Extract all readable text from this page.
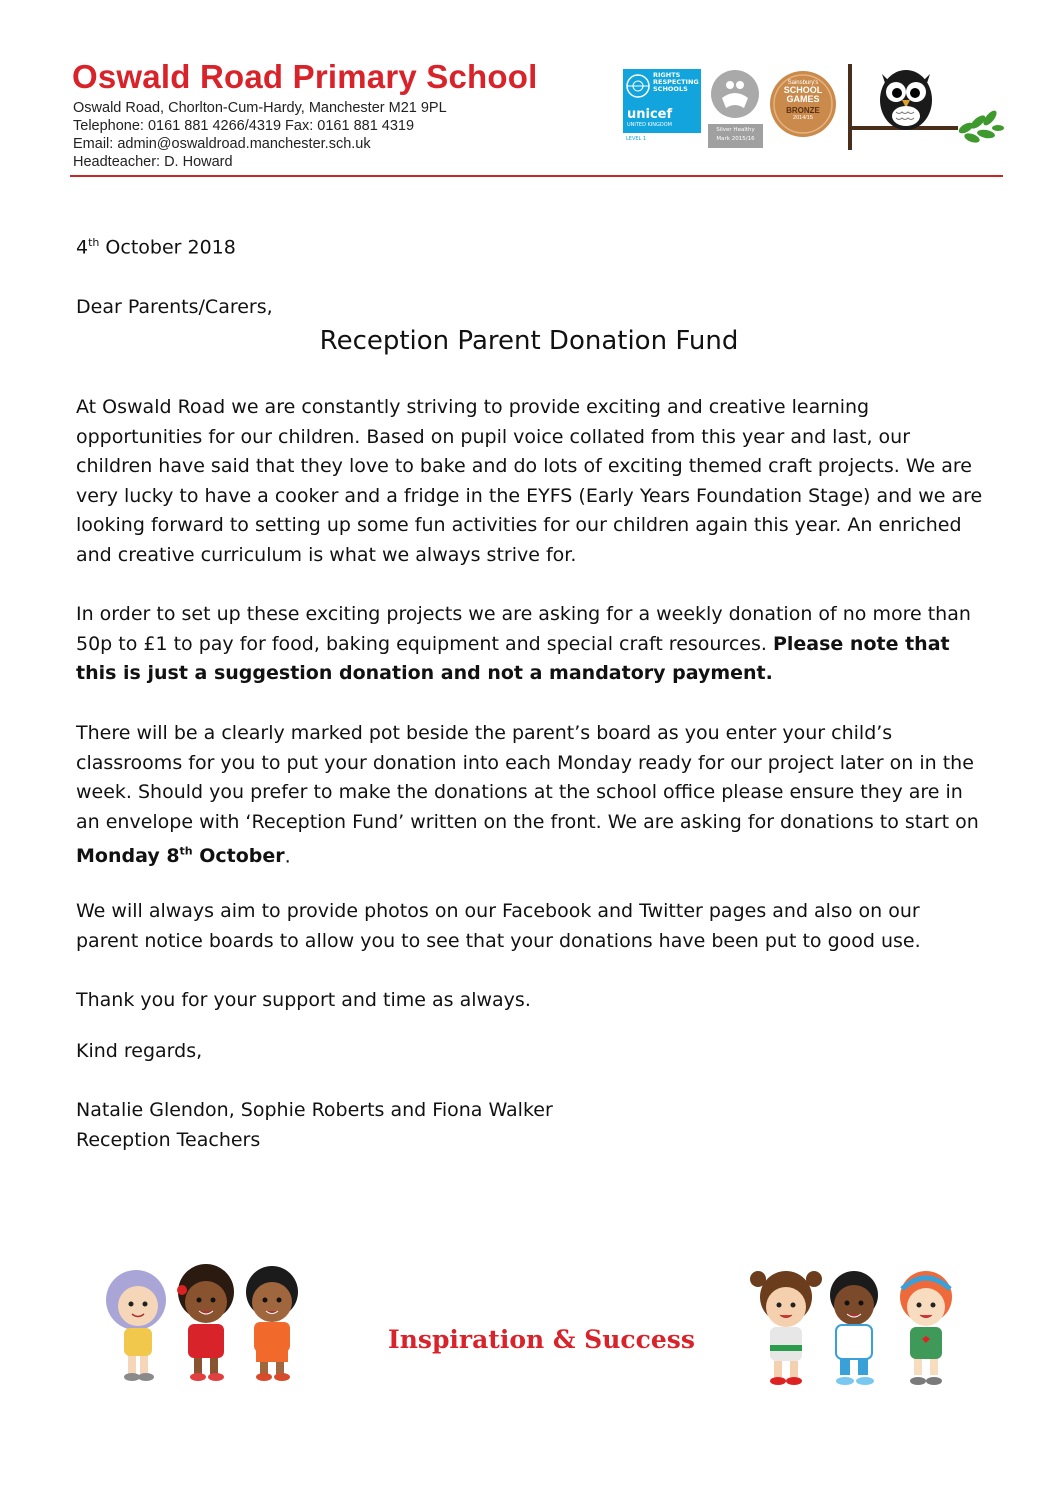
Oswald Road Primary School
Oswald Road, Chorlton-Cum-Hardy, Manchester M21 9PL
Telephone: 0161 881 4266/4319 Fax: 0161 881 4319
Email: admin@oswaldroad.manchester.sch.uk
Headteacher: D. Howard
RIGHTS
RESPECTING
SCHOOLS
unicef
UNITED KINGDOM
LEVEL 1
Silver Healthy
Mark 2015/16
Sainsbury's
SCHOOL
GAMES
BRONZE
2014/15
4th October 2018
Dear Parents/Carers,
Reception Parent Donation Fund
At Oswald Road we are constantly striving to provide exciting and creative learning opportunities for our children. Based on pupil voice collated from this year and last, our children have said that they love to bake and do lots of exciting themed craft projects. We are very lucky to have a cooker and a fridge in the EYFS (Early Years Foundation Stage) and we are looking forward to setting up some fun activities for our children again this year. An enriched and creative curriculum is what we always strive for.
In order to set up these exciting projects we are asking for a weekly donation of no more than 50p to £1 to pay for food, baking equipment and special craft resources. Please note that this is just a suggestion donation and not a mandatory payment.
There will be a clearly marked pot beside the parent’s board as you enter your child’s classrooms for you to put your donation into each Monday ready for our project later on in the week. Should you prefer to make the donations at the school office please ensure they are in an envelope with ‘Reception Fund’ written on the front. We are asking for donations to start on Monday 8th October.
We will always aim to provide photos on our Facebook and Twitter pages and also on our parent notice boards to allow you to see that your donations have been put to good use.
Thank you for your support and time as always.
Kind regards,
Natalie Glendon, Sophie Roberts and Fiona Walker
Reception Teachers
Inspiration & Success
